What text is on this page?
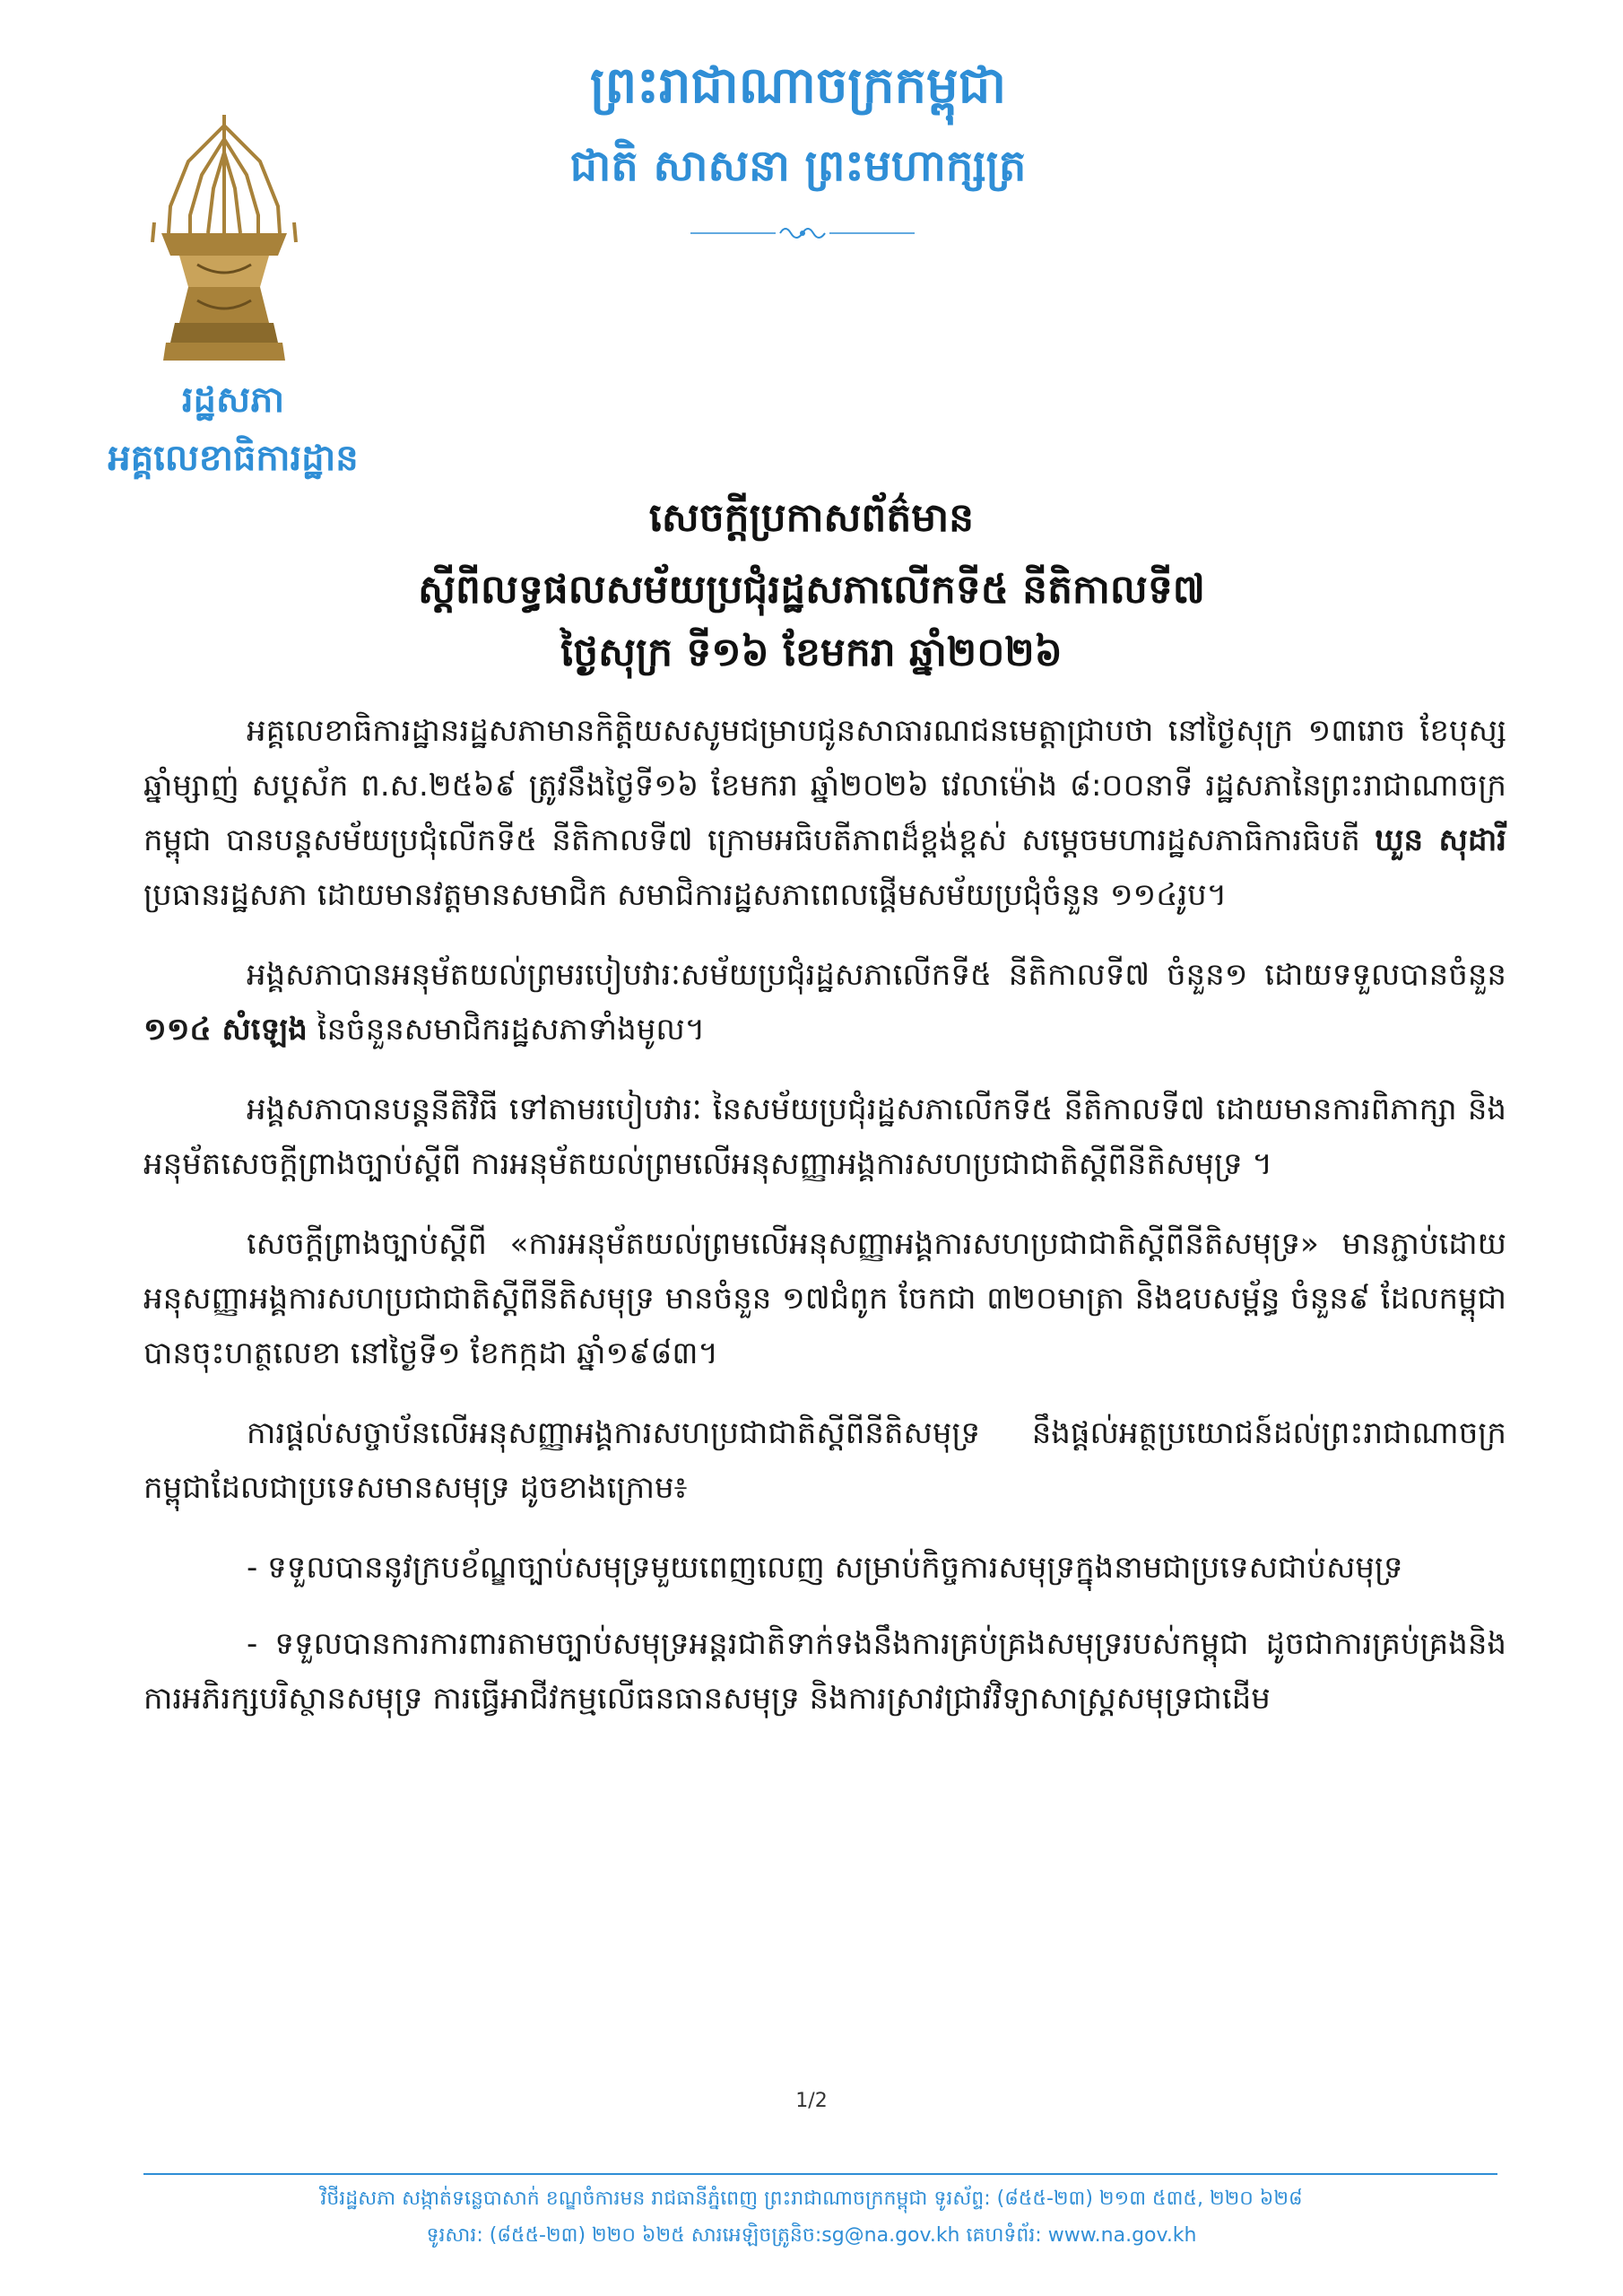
ព្រះរាជាណាចក្រកម្ពុជា
ជាតិ សាសនា ព្រះមហាក្សត្រ
រដ្ឋសភា
អគ្គលេខាធិការដ្ឋាន
សេចក្តីប្រកាសព័ត៌មាន
ស្តីពីលទ្ធផលសម័យប្រជុំរដ្ឋសភាលើកទី៥ នីតិកាលទី៧
ថ្ងៃសុក្រ ទី១៦ ខែមករា ឆ្នាំ២០២៦

អគ្គលេខាធិការដ្ឋានរដ្ឋសភាមានកិត្តិយសសូមជម្រាបជូនសាធារណជនមេត្តាជ្រាបថា នៅថ្ងៃសុក្រ ១៣រោច ខែបុស្ស ឆ្នាំម្សាញ់ សប្តស័ក ព.ស.២៥៦៩ ត្រូវនឹងថ្ងៃទី១៦ ខែមករា ឆ្នាំ២០២៦ វេលាម៉ោង ៨:០០នាទី រដ្ឋសភានៃព្រះរាជាណាចក្រកម្ពុជា បានបន្តសម័យប្រជុំលើកទី៥ នីតិកាលទី៧ ក្រោមអធិបតីភាពដ៏ខ្ពង់ខ្ពស់ សម្តេចមហារដ្ឋសភាធិការធិបតី ឃួន សុដារី ប្រធានរដ្ឋសភា ដោយមានវត្តមានសមាជិក សមាជិការដ្ឋសភាពេលផ្តើមសម័យប្រជុំចំនួន ១១៤រូប។

អង្គសភាបានអនុម័តយល់ព្រមរបៀបវារៈសម័យប្រជុំរដ្ឋសភាលើកទី៥ នីតិកាលទី៧ ចំនួន១ ដោយទទួលបានចំនួន ១១៤ សំឡេង នៃចំនួនសមាជិករដ្ឋសភាទាំងមូល។

អង្គសភាបានបន្តនីតិវិធី ទៅតាមរបៀបវារៈ នៃសម័យប្រជុំរដ្ឋសភាលើកទី៥ នីតិកាលទី៧ ដោយមានការពិភាក្សា និងអនុម័តសេចក្តីព្រាងច្បាប់ស្តីពី ការអនុម័តយល់ព្រមលើអនុសញ្ញាអង្គការសហប្រជាជាតិស្តីពីនីតិសមុទ្រ ។

សេចក្តីព្រាងច្បាប់ស្តីពី «ការអនុម័តយល់ព្រមលើអនុសញ្ញាអង្គការសហប្រជាជាតិស្តីពីនីតិសមុទ្រ» មានភ្ជាប់ដោយអនុសញ្ញាអង្គការសហប្រជាជាតិស្តីពីនីតិសមុទ្រ មានចំនួន ១៧ជំពូក ចែកជា ៣២០មាត្រា និងឧបសម្ព័ន្ធ ចំនួន៩ ដែលកម្ពុជា បានចុះហត្ថលេខា នៅថ្ងៃទី១ ខែកក្កដា ឆ្នាំ១៩៨៣។

ការផ្តល់សច្ចាប័នលើអនុសញ្ញាអង្គការសហប្រជាជាតិស្តីពីនីតិសមុទ្រ នឹងផ្តល់អត្ថប្រយោជន៍ដល់ព្រះរាជាណាចក្រកម្ពុជាដែលជាប្រទេសមានសមុទ្រ ដូចខាងក្រោម៖

- ទទួលបាននូវក្របខ័ណ្ឌច្បាប់សមុទ្រមួយពេញលេញ សម្រាប់កិច្ចការសមុទ្រក្នុងនាមជាប្រទេសជាប់សមុទ្រ

- ទទួលបានការការពារតាមច្បាប់សមុទ្រអន្តរជាតិទាក់ទងនឹងការគ្រប់គ្រងសមុទ្ររបស់កម្ពុជា ដូចជាការគ្រប់គ្រងនិងការអភិរក្សបរិស្ថានសមុទ្រ ការធ្វើអាជីវកម្មលើធនធានសមុទ្រ និងការស្រាវជ្រាវវិទ្យាសាស្ត្រសមុទ្រជាដើម

1/2
វិថីរដ្ឋសភា សង្កាត់ទន្លេបាសាក់ ខណ្ឌចំការមន រាជធានីភ្នំពេញ ព្រះរាជាណាចក្រកម្ពុជា ទូរស័ព្ទ: (៨៥៥-២៣) ២១៣ ៥៣៥, ២២០ ៦២៨
ទូរសារ: (៨៥៥-២៣) ២២០ ៦២៥ សារអេឡិចត្រូនិច:sg@na.gov.kh គេហទំព័រ: www.na.gov.kh
